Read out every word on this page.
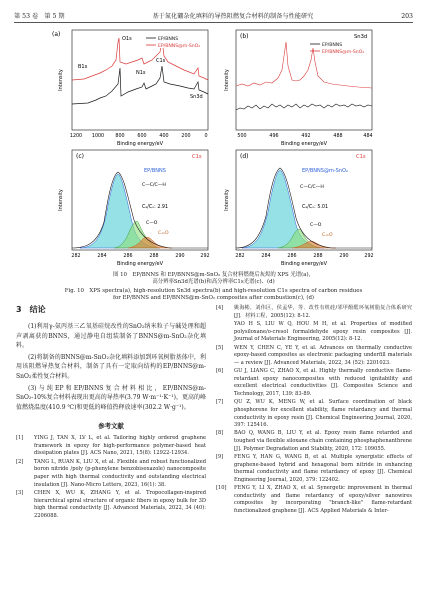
第 53 卷　第 5 期	基于氮化硼杂化填料的导热阻燃复合材料的制备与性能研究	203
(a)
EP/BNNS
EP/BNNS@m-SnO₂
O1s
C1s
N1s
B1s
Sn3d
1200 1000 800	600	400	200	0
Binding energy/eV
Intensity
(b)	Sn3d
EP/BNNS
EP/BNNS@m-SnO₂
500	496	492	488	484
Binding energy/eV
Intensity
(c)	C1s
EP/BNNS
C—C/C—H
Cₐ/Cₒ: 2.91
C—O
C=O
282	284	286	288	290	292
Binding energy/eV
Intensity
(d)	C1s
EP/BNNS@m-SnO₂
C—C/C—H
Cₐ/Cₒ: 5.01
C—O
C=O
282	284	286	288	290	292
Binding energy/eV
Intensity
图 10　EP/BNNS 和 EP/BNNS@m-SnO₂ 复合材料燃烧后灰烬的 XPS 光谱(a)，
高分辨率Sn3d光谱(b)和高分辨率C1s光谱(c)、(d)
Fig. 10　XPS spectra(a), high-resolution Sn3d spectra(b) and high-resolution C1s spectra of carbon residues
for EP/BNNS and EP/BNNS@m-SnO₂ composites after combustion(c), (d)
3　结论

(1)利用γ-氨丙基三乙氧基硅烷改性的SnO₂纳米粒子与碱处理和超声剥离获的BNNS，通过静电自组装制备了BNNS@m-SnO₂杂化填料。

(2)将制备的BNNS@m-SnO₂杂化填料添加到环氧树脂基体中，利用该阻燃导热复合材料，制备了具有一定取向结构的EP/BNNS@m-SnO₂柔性复合材料。

(3)与纯EP和EP/BNNS复合材料相比，EP/BNNS@m-SnO₂-10%复合材料表现出更高的导热率(3.79 W·m⁻¹·K⁻¹)，更高的峰值燃烧温度(410.9 ℃)和更低的峰值热释放速率(302.2 W·g⁻¹)。

参考文献
[1]	YING J, TAN X, LV L, et al. Tailoring highly ordered graphene framework in epoxy for high-performance polymer-based heat dissipation plates [J]. ACS Nano, 2021, 15(8): 12922-12934.
[2]	TANG L, RUAN K, LIU X, et al. Flexible and robust functionalized boron nitride /poly (p-phenylene benzobisoxazole) nanocomposite paper with high thermal conductivity and outstanding electrical insulation [J]. Nano-Micro Letters, 2023, 16(1): 38.
[3]	CHEN X, WU K, ZHANG Y, et al. Tropocollagen-inspired hierarchical spiral structure of organic fibers in epoxy bulk for 3D high thermal conductivity [J]. Advanced Materials, 2022, 34 (40): 2206088.
[4]	姚海彬，刘伟区，侯孟华，等．改性有机硅/邻甲酚醛环氧树脂复合体系研究[J]．材料工程，2005(12): 8-12.
YAO H S, LIU W Q, HOU M H, et al. Properties of modified polysiloxane/o-cresol formaldehyde epoxy resin composites [J]. Journal of Materials Engineering, 2005(12): 8-12.
[5]	WEN Y, CHEN C, YE Y, et al. Advances on thermally conductive epoxy-based composites as electronic packaging underfill materials — a review [J]. Advanced Materials, 2022, 34 (52): 2201023.
[6]	GU J, LIANG C, ZHAO X, et al. Highly thermally conductive flame-retardant epoxy nanocomposites with reduced ignitability and excellent electrical conductivities [J]. Composites Science and Technology, 2017, 139: 83-89.
[7]	QU Z, WU K, MENG W, et al. Surface coordination of black phosphorene for excellent stability, flame retardancy and thermal conductivity in epoxy resin [J]. Chemical Engineering Journal, 2020, 397: 125416.
[8]	BAO Q, WANG B, LIU Y, et al. Epoxy resin flame retarded and toughed via flexible siloxane chain containing phosphaphenanthrene [J]. Polymer Degradation and Stability, 2020, 172: 109055.
[9]	FENG Y, HAN G, WANG B, et al. Multiple synergistic effects of graphene-based hybrid and hexagonal born nitride in enhancing thermal conductivity and flame retardancy of epoxy [J]. Chemical Engineering Journal, 2020, 379: 122402.
[10]	FENG Y, LI X, ZHAO X, et al. Synergetic improvement in thermal conductivity and flame retardancy of epoxy/silver nanowires composites by incorporating "branch-like" flame-retardant functionalized graphene [J]. ACS Applied Materials & Inter-
